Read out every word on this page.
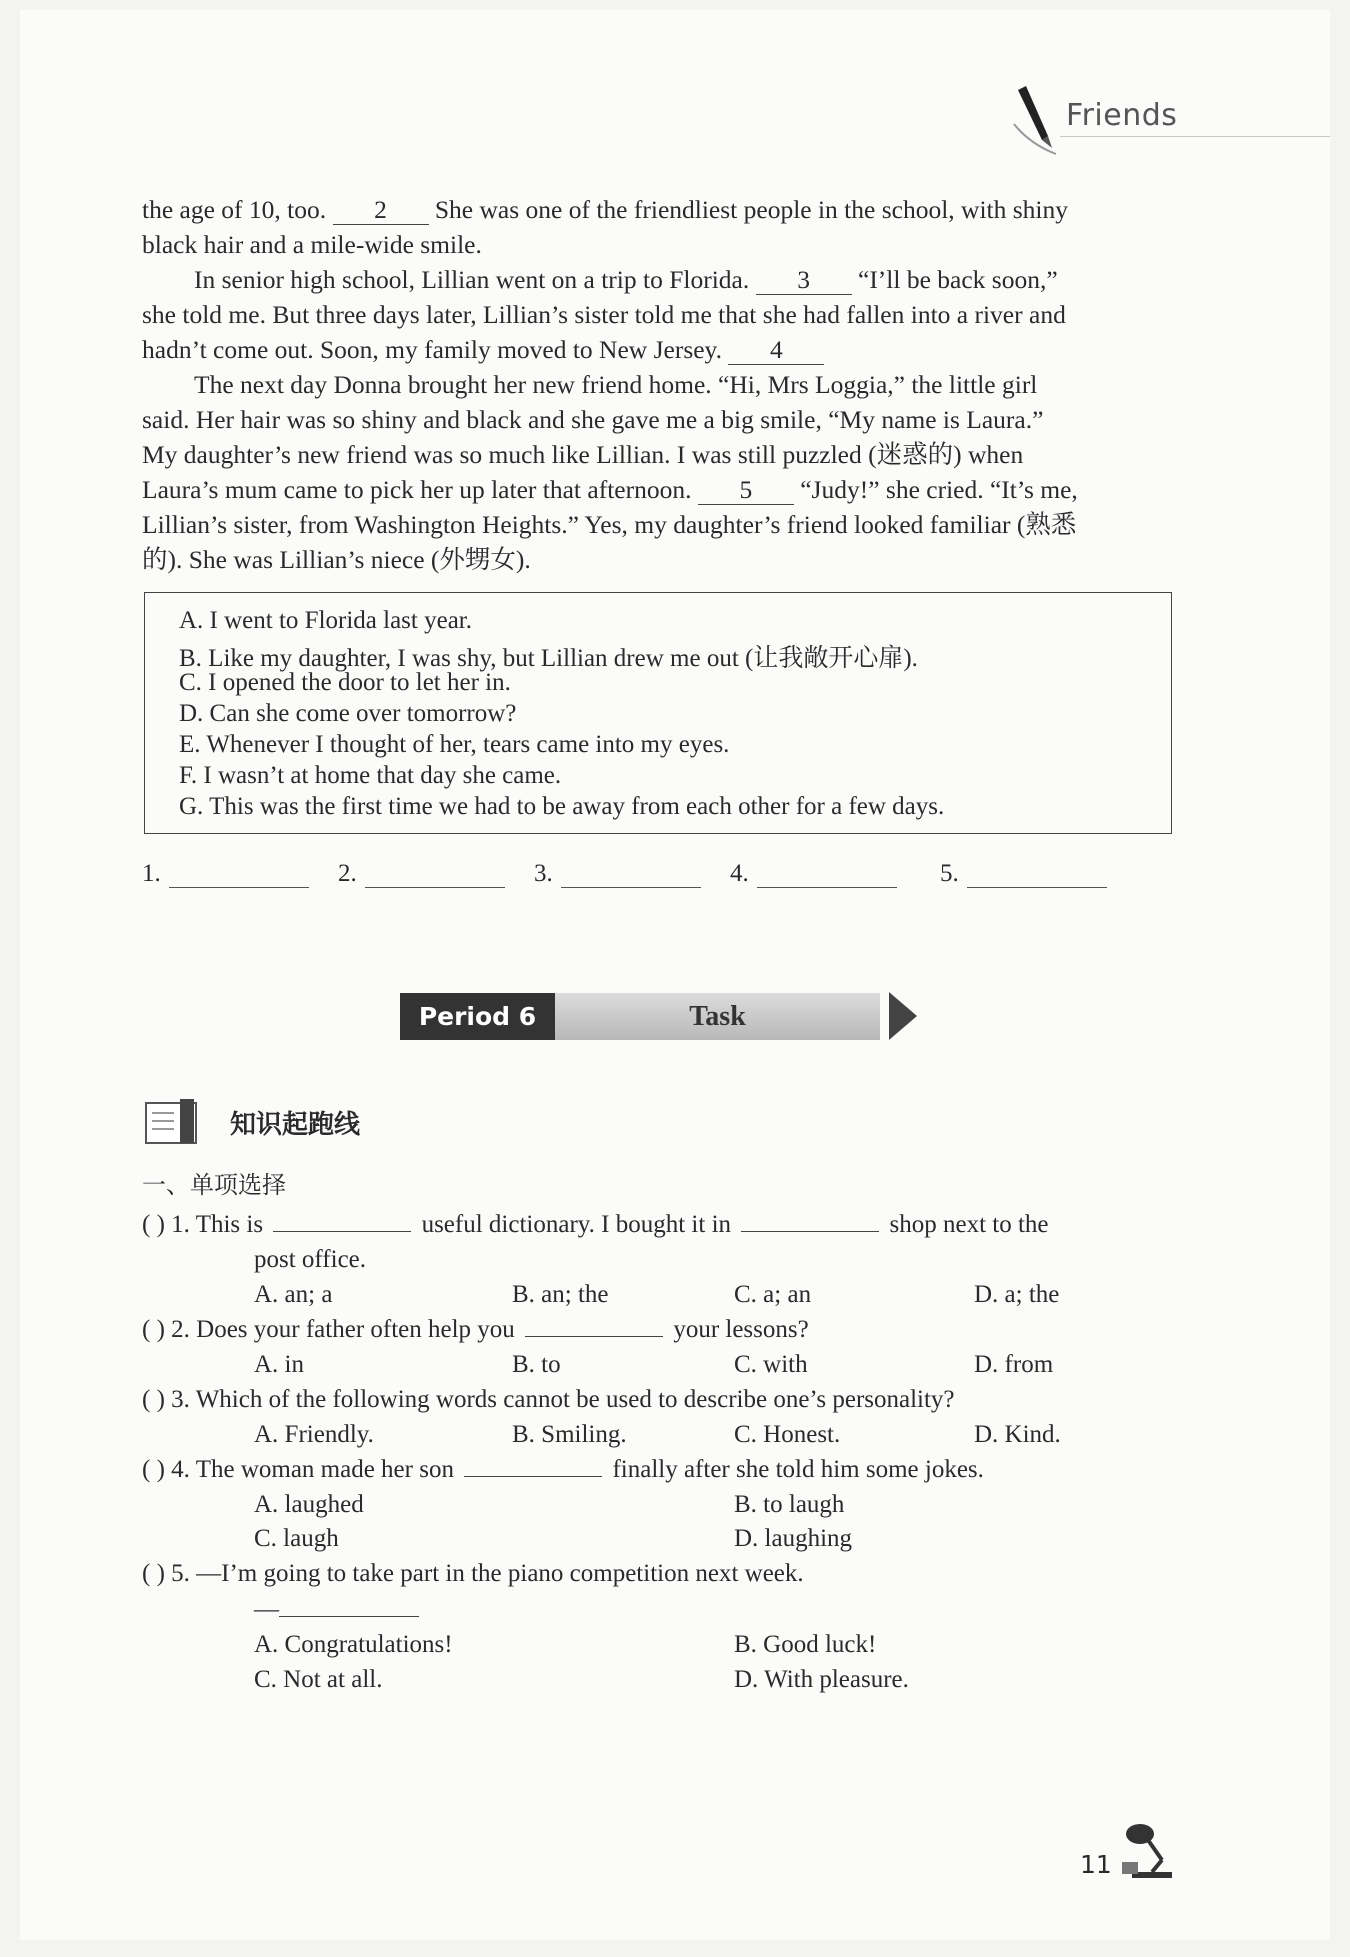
Friends
the age of 10, too. 2 She was one of the friendliest people in the school, with shiny
black hair and a mile-wide smile.
In senior high school, Lillian went on a trip to Florida. 3 “I’ll be back soon,”
she told me. But three days later, Lillian’s sister told me that she had fallen into a river and
hadn’t come out. Soon, my family moved to New Jersey. 4
The next day Donna brought her new friend home. “Hi, Mrs Loggia,” the little girl
said. Her hair was so shiny and black and she gave me a big smile, “My name is Laura.”
My daughter’s new friend was so much like Lillian. I was still puzzled (迷惑的) when
Laura’s mum came to pick her up later that afternoon. 5 “Judy!” she cried. “It’s me,
Lillian’s sister, from Washington Heights.” Yes, my daughter’s friend looked familiar (熟悉
的). She was Lillian’s niece (外甥女).
A. I went to Florida last year.
B. Like my daughter, I was shy, but Lillian drew me out (让我敞开心扉).
C. I opened the door to let her in.
D. Can she come over tomorrow?
E. Whenever I thought of her, tears came into my eyes.
F. I wasn’t at home that day she came.
G. This was the first time we had to be away from each other for a few days.
1.	2.	3.	4.	5.
Period 6	Task
知识起跑线
一、单项选择
( ) 1. This is	useful dictionary. I bought it in	shop next to the
post office.
A. an; a	B. an; the	C. a; an	D. a; the
( ) 2. Does your father often help you	your lessons?
A. in	B. to	C. with	D. from
( ) 3. Which of the following words cannot be used to describe one’s personality?
A. Friendly.	B. Smiling.	C. Honest.	D. Kind.
( ) 4. The woman made her son	finally after she told him some jokes.
A. laughed	B. to laugh
C. laugh	D. laughing
( ) 5. —I’m going to take part in the piano competition next week.
—
A. Congratulations!	B. Good luck!
C. Not at all.	D. With pleasure.
11
